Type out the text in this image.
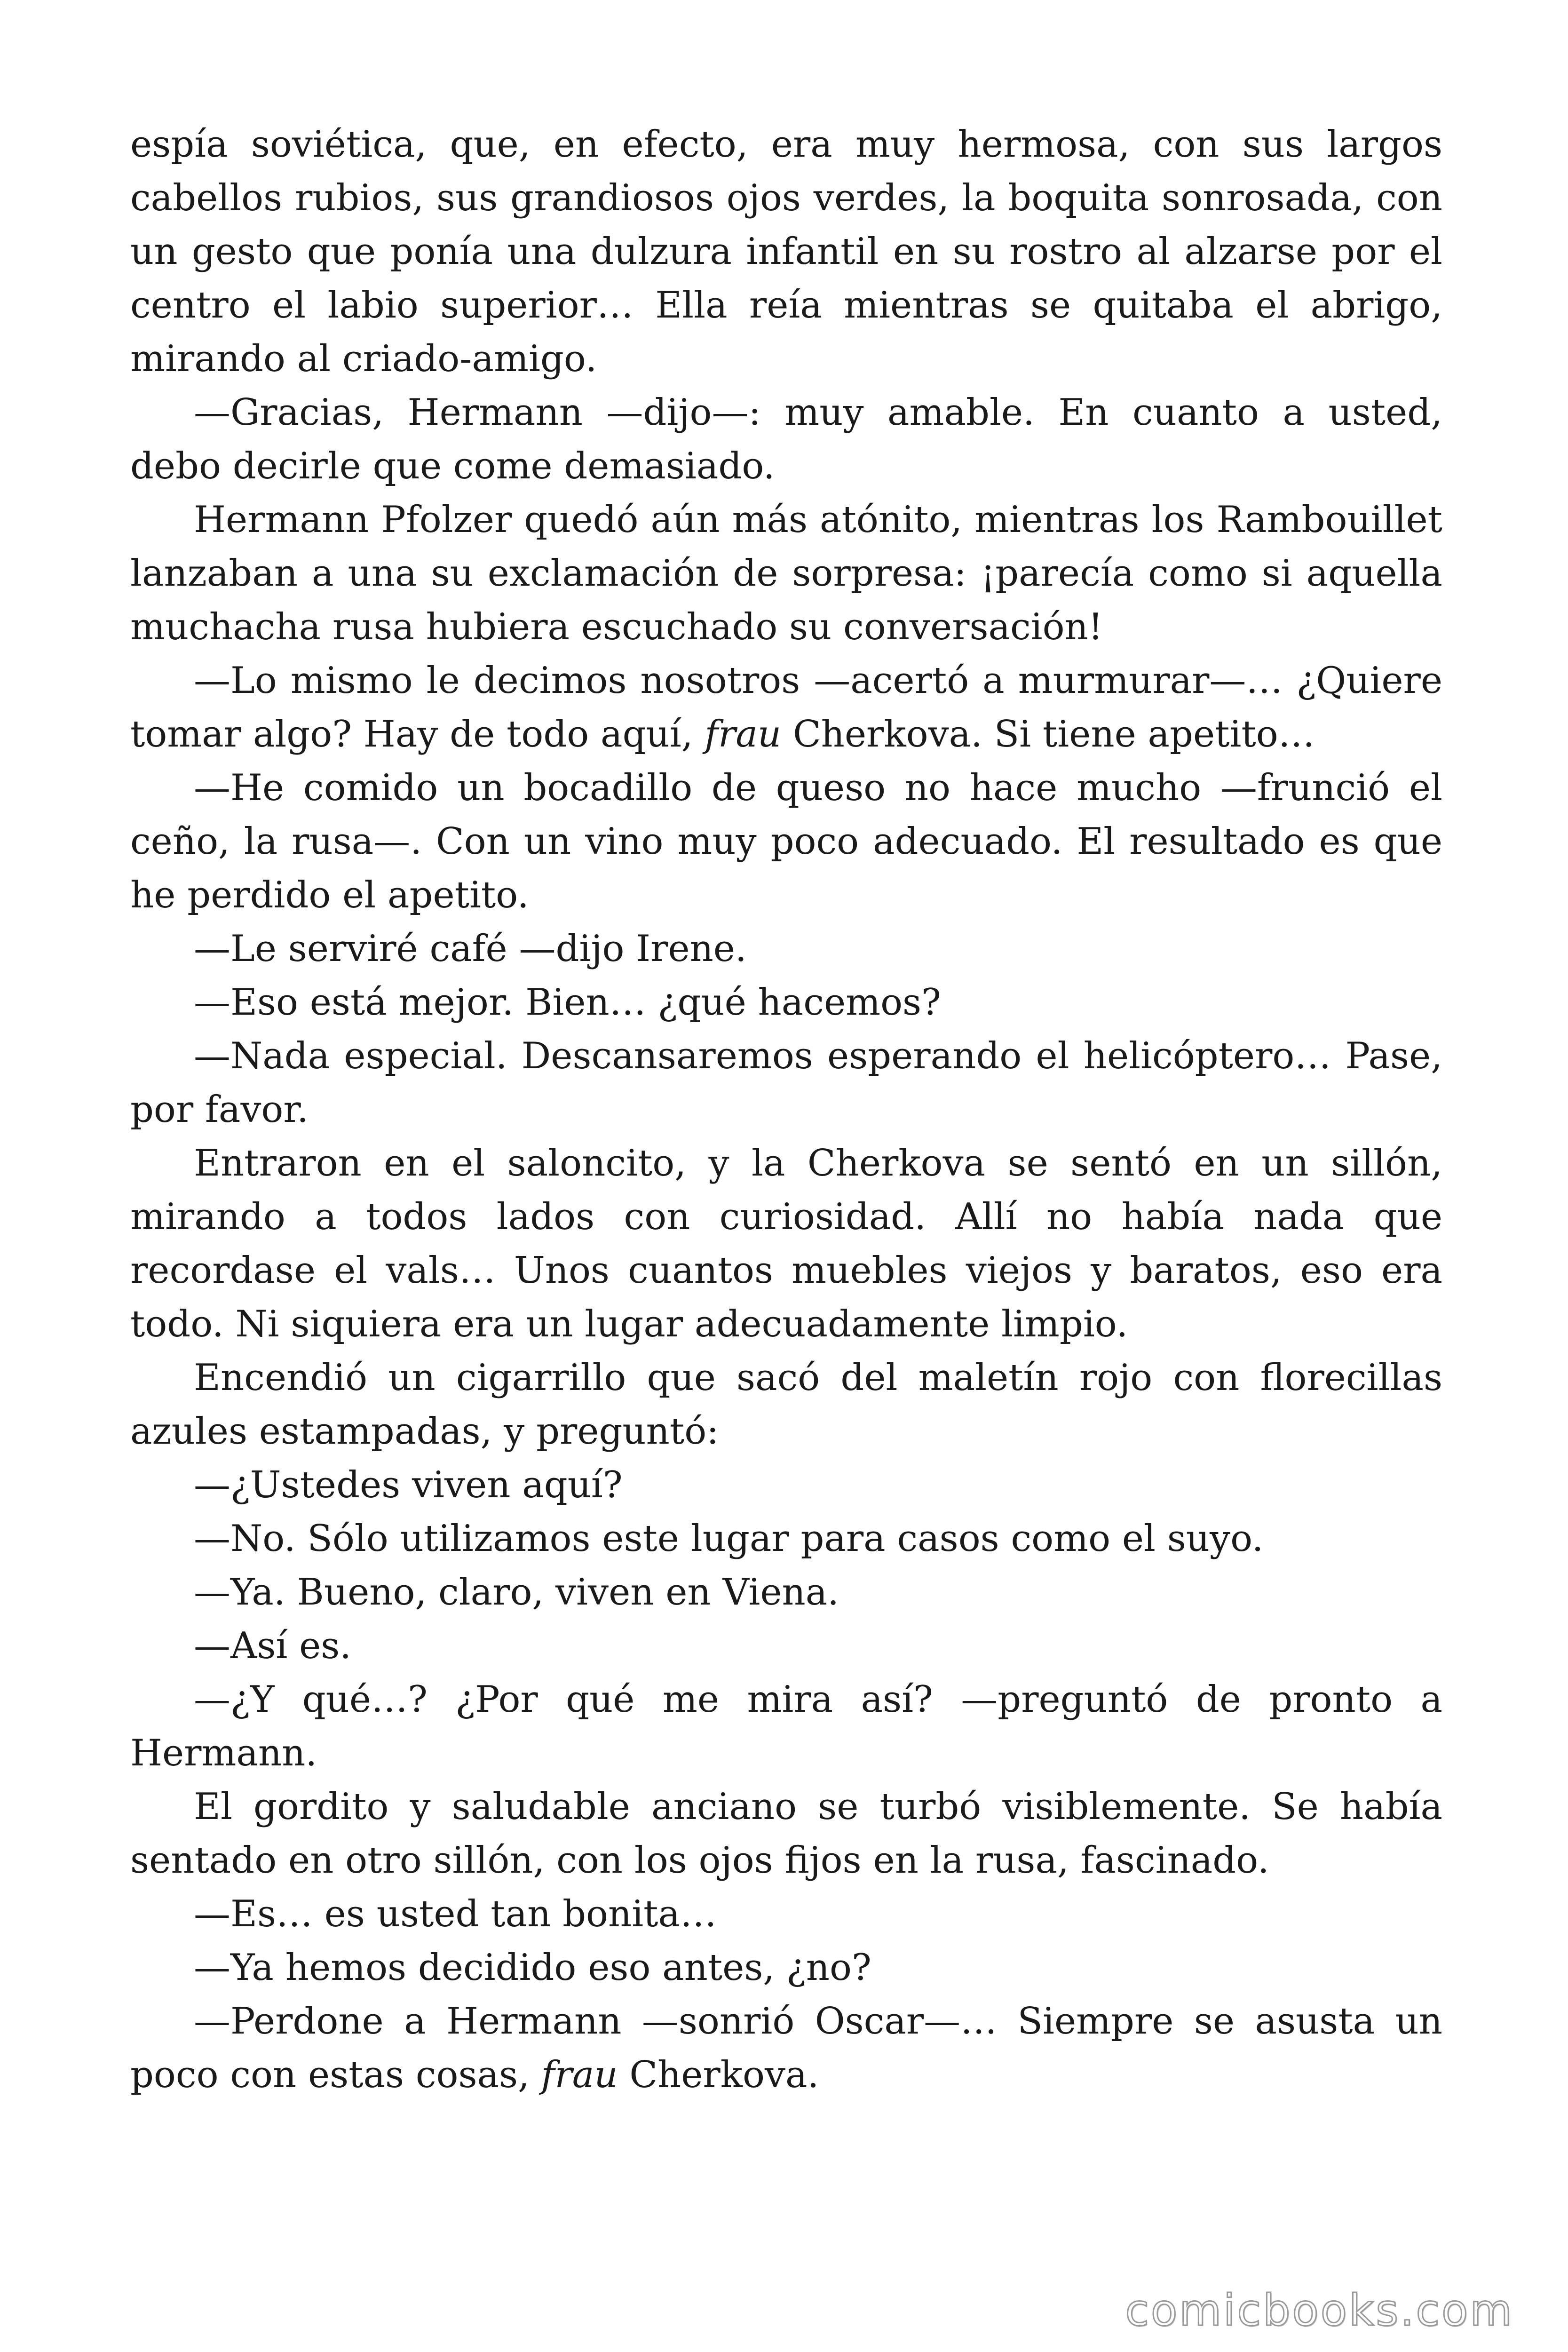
espía soviética, que, en efecto, era muy hermosa, con sus largos cabellos rubios, sus grandiosos ojos verdes, la boquita sonrosada, con un gesto que ponía una dulzura infantil en su rostro al alzarse por el centro el labio superior… Ella reía mientras se quitaba el abrigo, mirando al criado-amigo.

—Gracias, Hermann —dijo—: muy amable. En cuanto a usted, debo decirle que come demasiado.

Hermann Pfolzer quedó aún más atónito, mientras los Rambouillet lanzaban a una su exclamación de sorpresa: ¡parecía como si aquella muchacha rusa hubiera escuchado su conversación!

—Lo mismo le decimos nosotros —acertó a murmurar—… ¿Quiere tomar algo? Hay de todo aquí, frau Cherkova. Si tiene apetito…

—He comido un bocadillo de queso no hace mucho —frunció el ceño, la rusa—. Con un vino muy poco adecuado. El resultado es que he perdido el apetito.

—Le serviré café —dijo Irene.

—Eso está mejor. Bien… ¿qué hacemos?

—Nada especial. Descansaremos esperando el helicóptero… Pase, por favor.

Entraron en el saloncito, y la Cherkova se sentó en un sillón, mirando a todos lados con curiosidad. Allí no había nada que recordase el vals… Unos cuantos muebles viejos y baratos, eso era todo. Ni siquiera era un lugar adecuadamente limpio.

Encendió un cigarrillo que sacó del maletín rojo con florecillas azules estampadas, y preguntó:

—¿Ustedes viven aquí?

—No. Sólo utilizamos este lugar para casos como el suyo.

—Ya. Bueno, claro, viven en Viena.

—Así es.

—¿Y qué…? ¿Por qué me mira así? —preguntó de pronto a Hermann.

El gordito y saludable anciano se turbó visiblemente. Se había sentado en otro sillón, con los ojos fijos en la rusa, fascinado.

—Es… es usted tan bonita…

—Ya hemos decidido eso antes, ¿no?

—Perdone a Hermann —sonrió Oscar—… Siempre se asusta un poco con estas cosas, frau Cherkova.

comicbooks.com
